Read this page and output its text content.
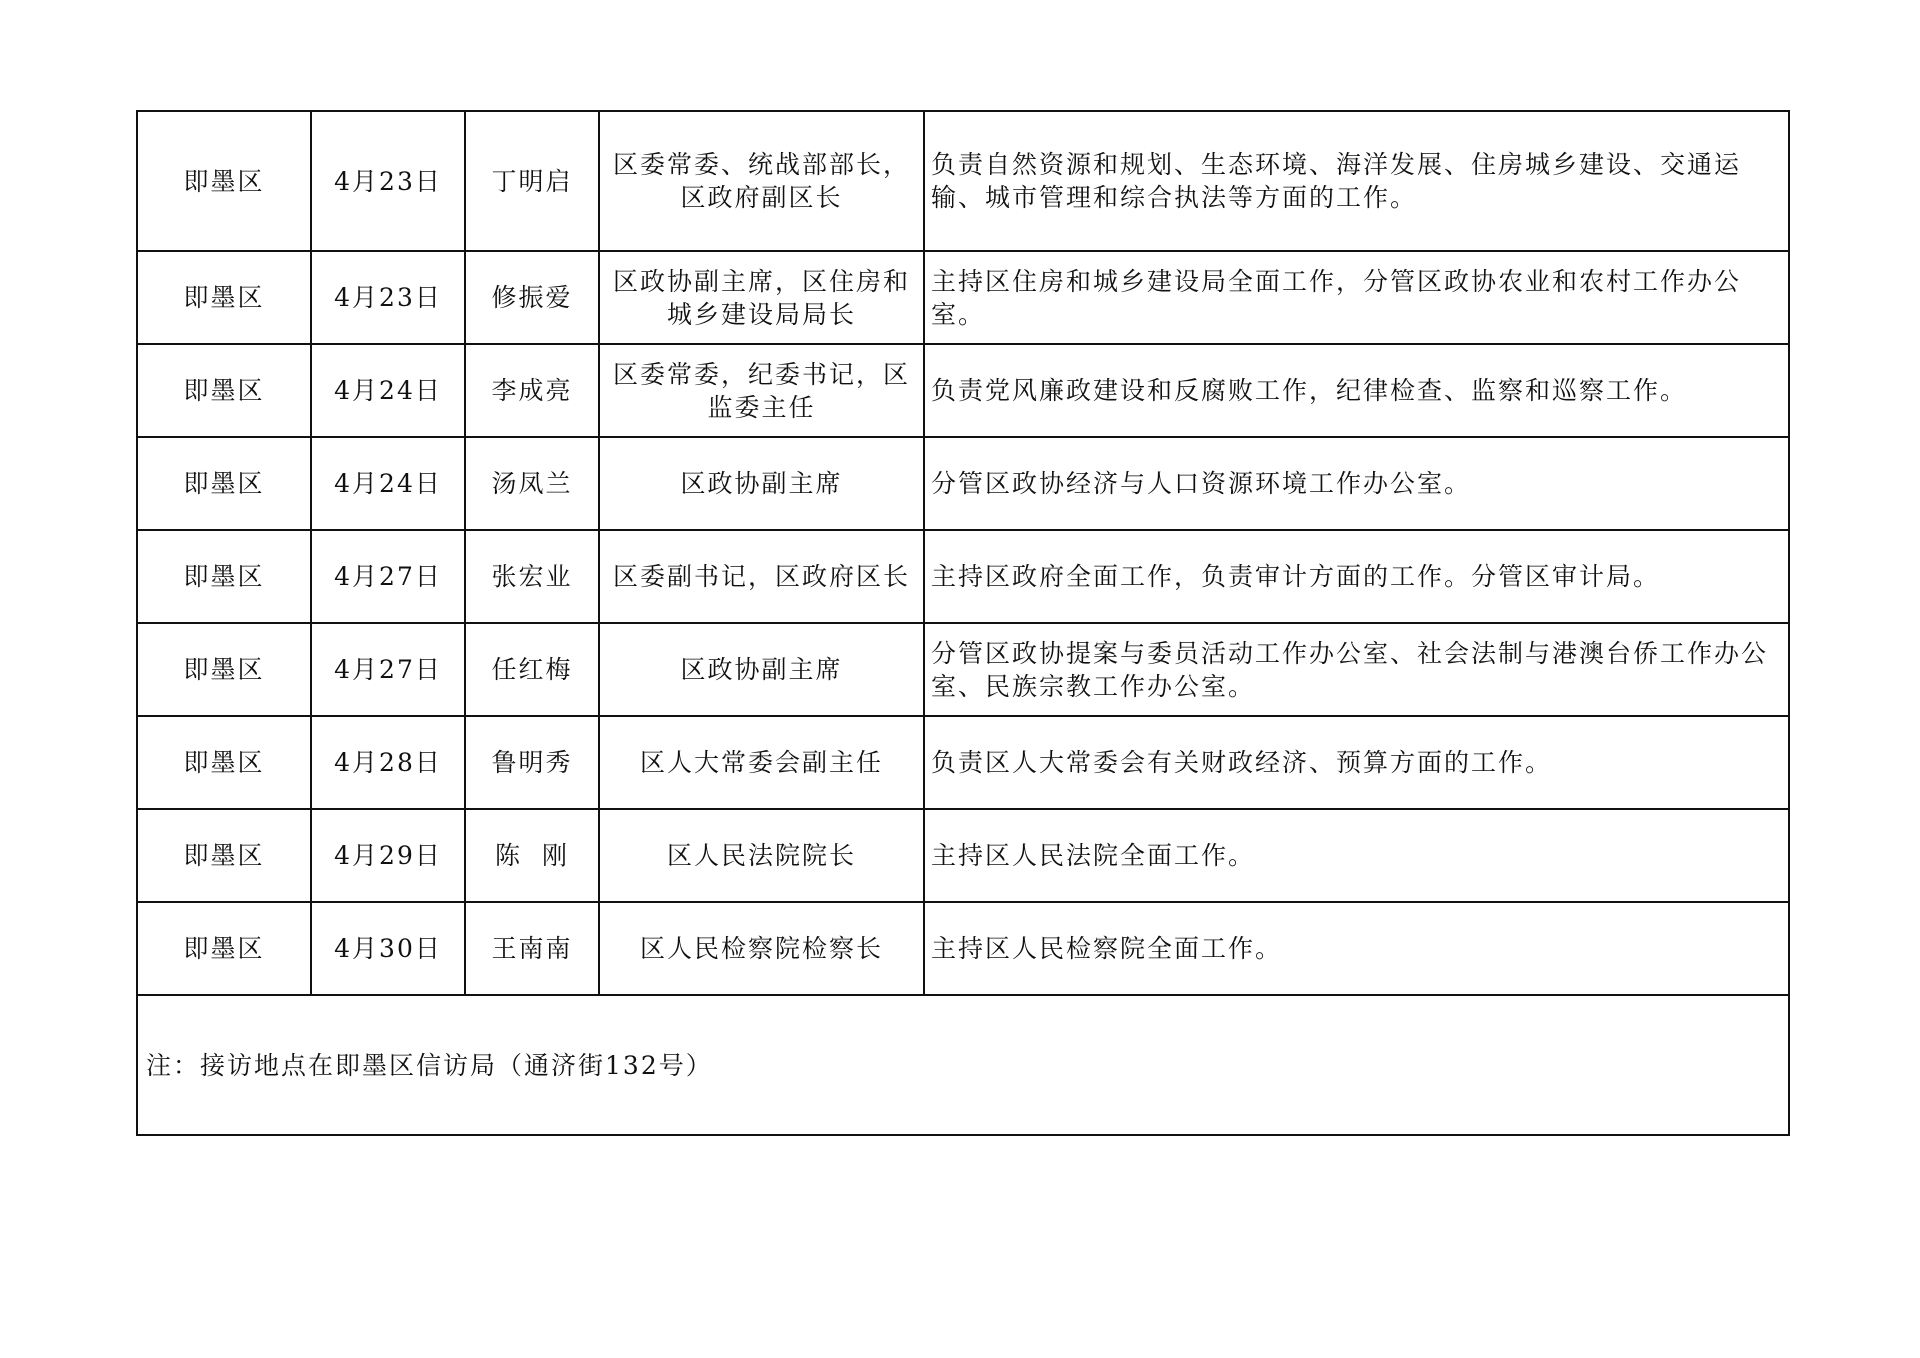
即墨区	4月23日	丁明启	区委常委、统战部部长，区政府副区长	负责自然资源和规划、生态环境、海洋发展、住房城乡建设、交通运输、城市管理和综合执法等方面的工作。
即墨区	4月23日	修振爱	区政协副主席，区住房和城乡建设局局长	主持区住房和城乡建设局全面工作，分管区政协农业和农村工作办公室。
即墨区	4月24日	李成亮	区委常委，纪委书记，区监委主任	负责党风廉政建设和反腐败工作，纪律检查、监察和巡察工作。
即墨区	4月24日	汤凤兰	区政协副主席	分管区政协经济与人口资源环境工作办公室。
即墨区	4月27日	张宏业	区委副书记，区政府区长	主持区政府全面工作，负责审计方面的工作。分管区审计局。
即墨区	4月27日	任红梅	区政协副主席	分管区政协提案与委员活动工作办公室、社会法制与港澳台侨工作办公室、民族宗教工作办公室。
即墨区	4月28日	鲁明秀	区人大常委会副主任	负责区人大常委会有关财政经济、预算方面的工作。
即墨区	4月29日	陈  刚	区人民法院院长	主持区人民法院全面工作。
即墨区	4月30日	王南南	区人民检察院检察长	主持区人民检察院全面工作。
注：接访地点在即墨区信访局（通济街132号）				
